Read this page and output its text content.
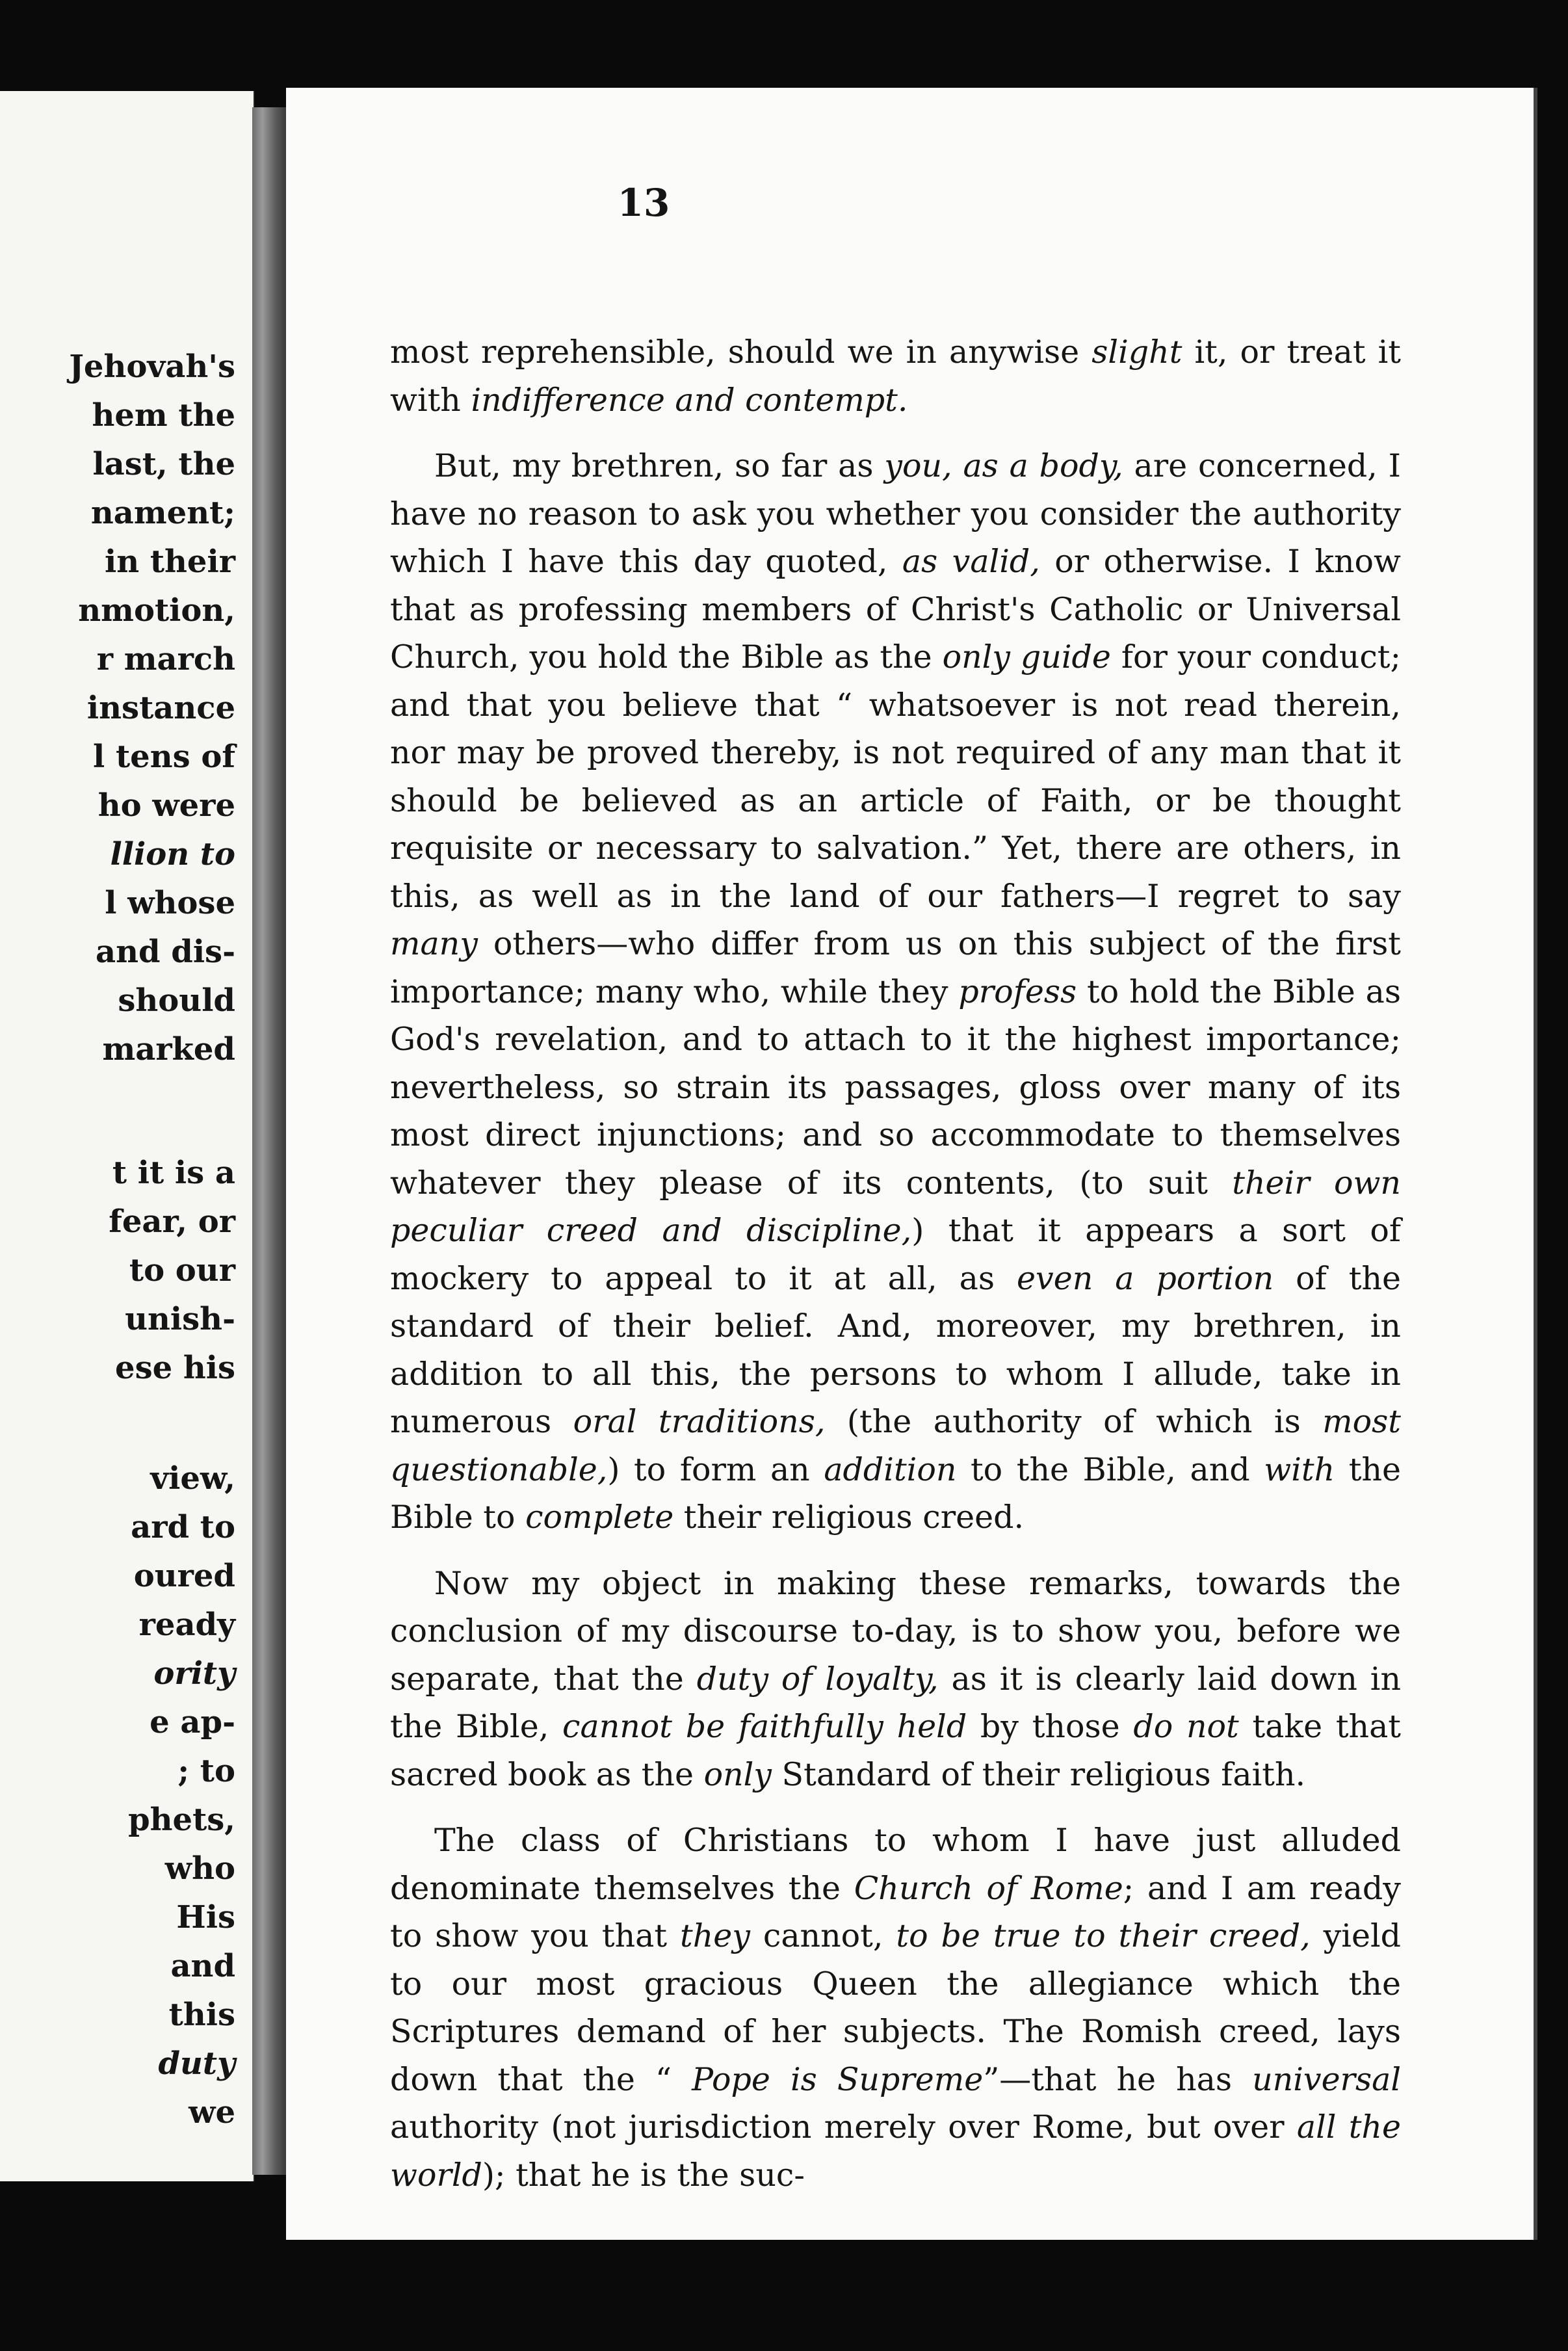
Jehovah's
hem the
last, the
nament;
in their
nmotion,
r march
instance
l tens of
ho were
llion to
l whose
and dis-
should
marked
t it is a
fear, or
to our
unish-
ese his
view,
ard to
oured
ready
ority
e ap-
; to
phets,
who
His
and
this
duty
we
13

most reprehensible, should we in anywise slight it, or treat it with indifference and contempt.

But, my brethren, so far as you, as a body, are concerned, I have no reason to ask you whether you consider the authority which I have this day quoted, as valid, or otherwise. I know that as professing members of Christ's Catholic or Universal Church, you hold the Bible as the only guide for your conduct; and that you believe that “ whatsoever is not read therein, nor may be proved thereby, is not required of any man that it should be believed as an article of Faith, or be thought requisite or necessary to salvation.” Yet, there are others, in this, as well as in the land of our fathers—I regret to say many others—who differ from us on this subject of the first importance; many who, while they profess to hold the Bible as God's revelation, and to attach to it the highest importance; nevertheless, so strain its passages, gloss over many of its most direct injunctions; and so accommodate to themselves whatever they please of its contents, (to suit their own peculiar creed and discipline,) that it appears a sort of mockery to appeal to it at all, as even a portion of the standard of their belief. And, moreover, my brethren, in addition to all this, the persons to whom I allude, take in numerous oral traditions, (the authority of which is most questionable,) to form an addition to the Bible, and with the Bible to complete their religious creed.

Now my object in making these remarks, towards the conclusion of my discourse to-day, is to show you, before we separate, that the duty of loyalty, as it is clearly laid down in the Bible, cannot be faithfully held by those do not take that sacred book as the only Standard of their religious faith.

The class of Christians to whom I have just alluded denominate themselves the Church of Rome; and I am ready to show you that they cannot, to be true to their creed, yield to our most gracious Queen the allegiance which the Scriptures demand of her subjects. The Romish creed, lays down that the “ Pope is Supreme”—that he has universal authority (not jurisdiction merely over Rome, but over all the world); that he is the suc-
